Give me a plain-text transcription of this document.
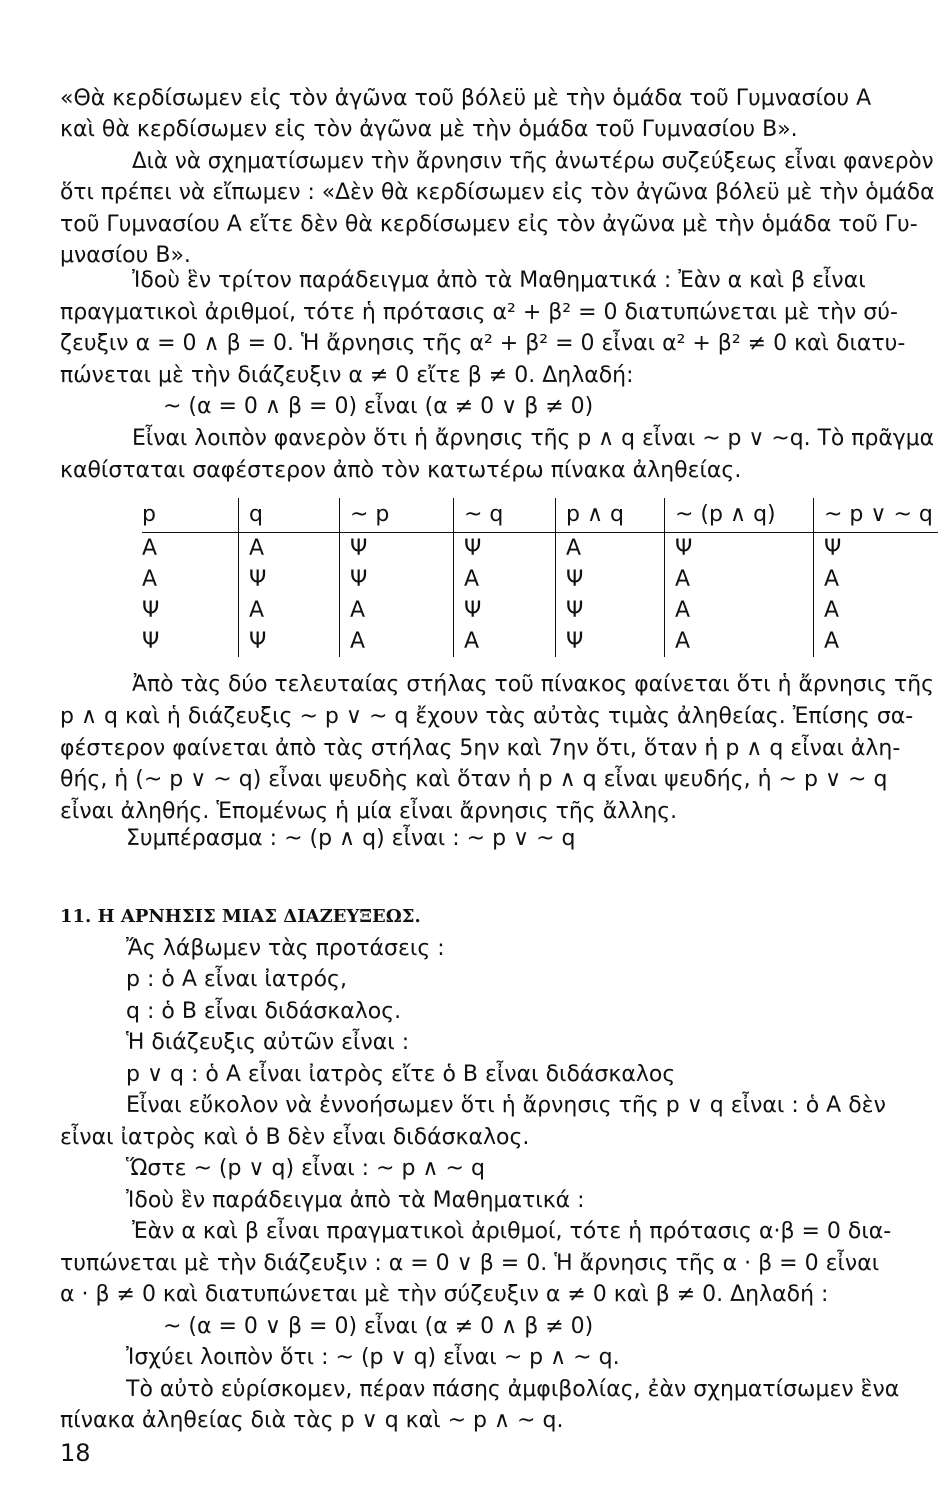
«Θὰ κερδίσωμεν εἰς τὸν ἀγῶνα τοῦ βόλεϋ μὲ τὴν ὁμάδα τοῦ Γυμνασίου Α
καὶ θὰ κερδίσωμεν εἰς τὸν ἀγῶνα μὲ τὴν ὁμάδα τοῦ Γυμνασίου Β».
Διὰ νὰ σχηματίσωμεν τὴν ἄρνησιν τῆς ἀνωτέρω συζεύξεως εἶναι φανερὸν
ὅτι πρέπει νὰ εἴπωμεν : «Δὲν θὰ κερδίσωμεν εἰς τὸν ἀγῶνα βόλεϋ μὲ τὴν ὁμάδα
τοῦ Γυμνασίου Α εἴτε δὲν θὰ κερδίσωμεν εἰς τὸν ἀγῶνα μὲ τὴν ὁμάδα τοῦ Γυ-
μνασίου Β».
Ἰδοὺ ἓν τρίτον παράδειγμα ἀπὸ τὰ Μαθηματικά : Ἐὰν α καὶ β εἶναι
πραγματικοὶ ἀριθμοί, τότε ἡ πρότασις α² + β² = 0 διατυπώνεται μὲ τὴν σύ-
ζευξιν α = 0 ∧ β = 0. Ἡ ἄρνησις τῆς α² + β² = 0 εἶναι α² + β² ≠ 0 καὶ διατυ-
πώνεται μὲ τὴν διάζευξιν α ≠ 0 εἴτε β ≠ 0. Δηλαδή:
~ (α = 0 ∧ β = 0) εἶναι (α ≠ 0 ∨ β ≠ 0)
Εἶναι λοιπὸν φανερὸν ὅτι ἡ ἄρνησις τῆς p ∧ q εἶναι ~ p ∨ ~q. Τὸ πρᾶγμα
καθίσταται σαφέστερον ἀπὸ τὸν κατωτέρω πίνακα ἀληθείας.
p	q	~ p	~ q	p ∧ q	~ (p ∧ q)	~ p ∨ ~ q
Α	Α	Ψ	Ψ	Α	Ψ	Ψ
Α	Ψ	Ψ	Α	Ψ	Α	Α
Ψ	Α	Α	Ψ	Ψ	Α	Α
Ψ	Ψ	Α	Α	Ψ	Α	Α
Ἀπὸ τὰς δύο τελευταίας στήλας τοῦ πίνακος φαίνεται ὅτι ἡ ἄρνησις τῆς
p ∧ q καὶ ἡ διάζευξις ~ p ∨ ~ q ἔχουν τὰς αὐτὰς τιμὰς ἀληθείας. Ἐπίσης σα-
φέστερον φαίνεται ἀπὸ τὰς στήλας 5ην καὶ 7ην ὅτι, ὅταν ἡ p ∧ q εἶναι ἀλη-
θής, ἡ (~ p ∨ ~ q) εἶναι ψευδὴς καὶ ὅταν ἡ p ∧ q εἶναι ψευδής, ἡ ~ p ∨ ~ q
εἶναι ἀληθής. Ἑπομένως ἡ μία εἶναι ἄρνησις τῆς ἄλλης.
Συμπέρασμα : ~ (p ∧ q) εἶναι : ~ p ∨ ~ q
11. Η ΑΡΝΗΣΙΣ ΜΙΑΣ ΔΙΑΖΕΥΞΕΩΣ.
Ἄς λάβωμεν τὰς προτάσεις :
p : ὁ Α εἶναι ἰατρός,
q : ὁ Β εἶναι διδάσκαλος.
Ἡ διάζευξις αὐτῶν εἶναι :
p ∨ q : ὁ Α εἶναι ἰατρὸς εἴτε ὁ Β εἶναι διδάσκαλος
Εἶναι εὔκολον νὰ ἐννοήσωμεν ὅτι ἡ ἄρνησις τῆς p ∨ q εἶναι : ὁ Α δὲν
εἶναι ἰατρὸς καὶ ὁ Β δὲν εἶναι διδάσκαλος.
Ὥστε ~ (p ∨ q) εἶναι : ~ p ∧ ~ q
Ἰδοὺ ἓν παράδειγμα ἀπὸ τὰ Μαθηματικά :
Ἐὰν α καὶ β εἶναι πραγματικοὶ ἀριθμοί, τότε ἡ πρότασις α·β = 0 δια-
τυπώνεται μὲ τὴν διάζευξιν : α = 0 ∨ β = 0. Ἡ ἄρνησις τῆς α · β = 0 εἶναι
α · β ≠ 0 καὶ διατυπώνεται μὲ τὴν σύζευξιν α ≠ 0 καὶ β ≠ 0. Δηλαδή :
~ (α = 0 ∨ β = 0) εἶναι (α ≠ 0 ∧ β ≠ 0)
Ἰσχύει λοιπὸν ὅτι : ~ (p ∨ q) εἶναι ~ p ∧ ~ q.
Τὸ αὐτὸ εὑρίσκομεν, πέραν πάσης ἀμφιβολίας, ἐὰν σχηματίσωμεν ἓνα
πίνακα ἀληθείας διὰ τὰς p ∨ q καὶ ~ p ∧ ~ q.
18
